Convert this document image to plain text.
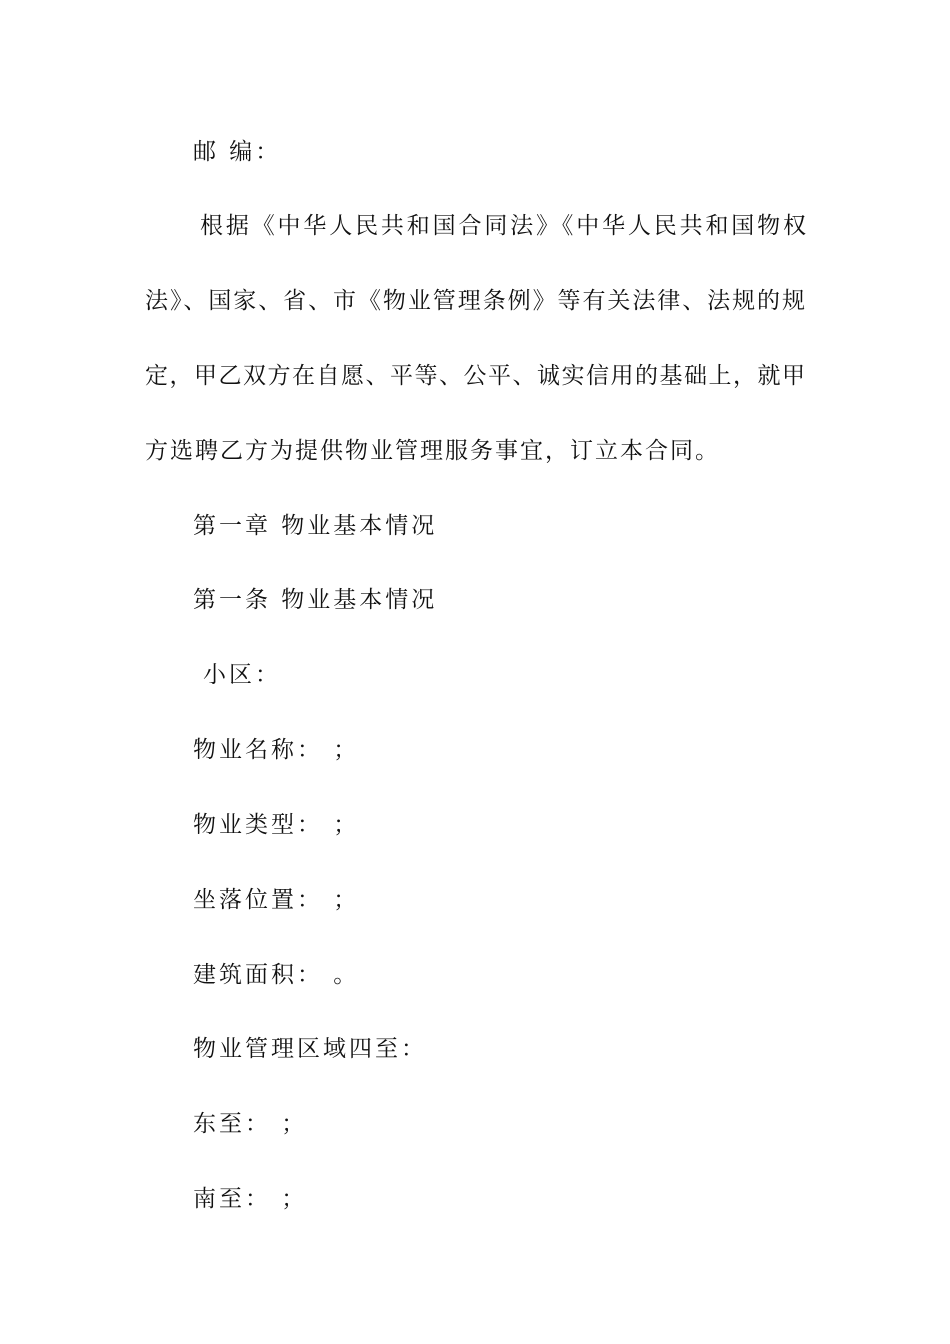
邮 编：
根据《中华人民共和国合同法》《中华人民共和国物权
法》、国家、省、市《物业管理条例》等有关法律、法规的规
定，甲乙双方在自愿、平等、公平、诚实信用的基础上，就甲
方选聘乙方为提供物业管理服务事宜，订立本合同。
第一章 物业基本情况
第一条 物业基本情况
小区：
物业名称： ；
物业类型： ；
坐落位置： ；
建筑面积： 。
物业管理区域四至：
东至： ；
南至： ；
